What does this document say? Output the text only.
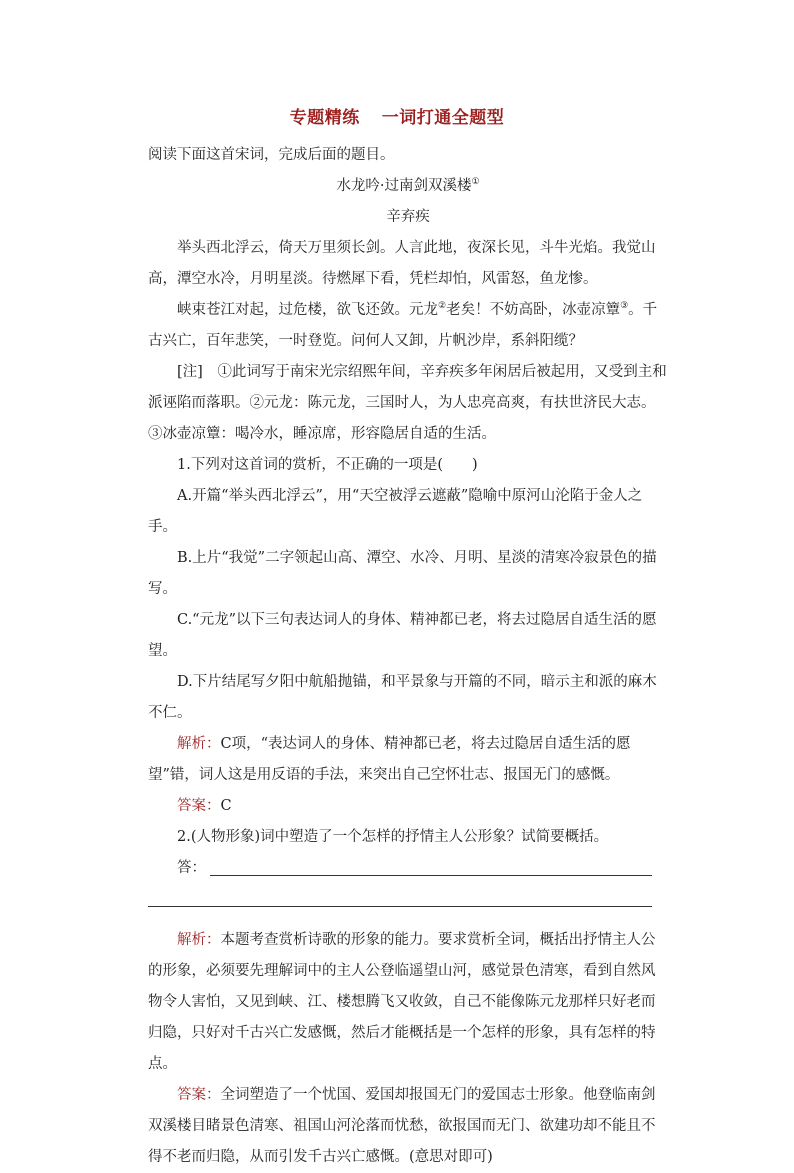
专题精练 一词打通全题型

阅读下面这首宋词，完成后面的题目。

水龙吟·过南剑双溪楼①

辛弃疾

举头西北浮云，倚天万里须长剑。人言此地，夜深长见，斗牛光焰。我觉山高，潭空水冷，月明星淡。待燃犀下看，凭栏却怕，风雷怒，鱼龙惨。

峡束苍江对起，过危楼，欲飞还敛。元龙②老矣！不妨高卧，冰壶凉簟③。千古兴亡，百年悲笑，一时登览。问何人又卸，片帆沙岸，系斜阳缆？

[注]　①此词写于南宋光宗绍熙年间，辛弃疾多年闲居后被起用，又受到主和派诬陷而落职。②元龙：陈元龙，三国时人，为人忠亮高爽，有扶世济民大志。③冰壶凉簟：喝冷水，睡凉席，形容隐居自适的生活。

1.下列对这首词的赏析，不正确的一项是(　　)

A.开篇“举头西北浮云”，用“天空被浮云遮蔽”隐喻中原河山沦陷于金人之手。

B.上片“我觉”二字领起山高、潭空、水冷、月明、星淡的清寒冷寂景色的描写。

C.“元龙”以下三句表达词人的身体、精神都已老，将去过隐居自适生活的愿望。

D.下片结尾写夕阳中航船抛锚，和平景象与开篇的不同，暗示主和派的麻木不仁。

解析：C项，“表达词人的身体、精神都已老，将去过隐居自适生活的愿望”错，词人这是用反语的手法，来突出自己空怀壮志、报国无门的感慨。

答案：C

2.(人物形象)词中塑造了一个怎样的抒情主人公形象？试简要概括。

答：

解析：本题考查赏析诗歌的形象的能力。要求赏析全词，概括出抒情主人公的形象，必须要先理解词中的主人公登临遥望山河，感觉景色清寒，看到自然风物令人害怕，又见到峡、江、楼想腾飞又收敛，自己不能像陈元龙那样只好老而归隐，只好对千古兴亡发感慨，然后才能概括是一个怎样的形象，具有怎样的特点。

答案：全词塑造了一个忧国、爱国却报国无门的爱国志士形象。他登临南剑双溪楼目睹景色清寒、祖国山河沦落而忧愁，欲报国而无门、欲建功却不能且不得不老而归隐，从而引发千古兴亡感慨。(意思对即可)
